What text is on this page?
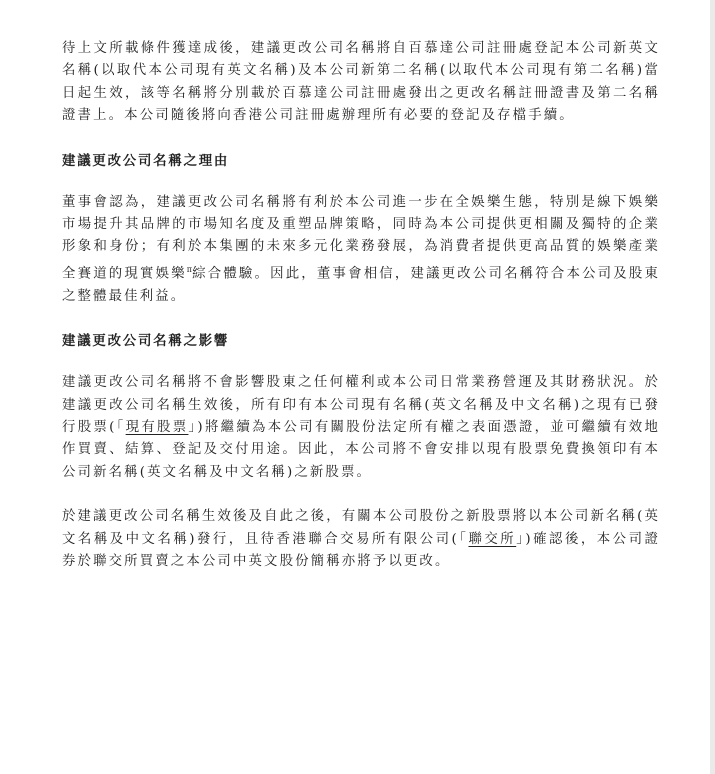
待上文所載條件獲達成後，建議更改公司名稱將自百慕達公司註冊處登記本公司新英文名稱(以取代本公司現有英文名稱)及本公司新第二名稱(以取代本公司現有第二名稱)當日起生效，該等名稱將分別載於百慕達公司註冊處發出之更改名稱註冊證書及第二名稱證書上。本公司隨後將向香港公司註冊處辦理所有必要的登記及存檔手續。

建議更改公司名稱之理由

董事會認為，建議更改公司名稱將有利於本公司進一步在全娛樂生態，特別是線下娛樂市場提升其品牌的市場知名度及重塑品牌策略，同時為本公司提供更相關及獨特的企業形象和身份；有利於本集團的未來多元化業務發展，為消費者提供更高品質的娛樂產業全賽道的現實娛樂$^\pi$綜合體驗。因此，董事會相信，建議更改公司名稱符合本公司及股東之整體最佳利益。

建議更改公司名稱之影響

建議更改公司名稱將不會影響股東之任何權利或本公司日常業務營運及其財務狀況。於建議更改公司名稱生效後，所有印有本公司現有名稱(英文名稱及中文名稱)之現有已發行股票(「現有股票」)將繼續為本公司有關股份法定所有權之表面憑證，並可繼續有效地作買賣、結算、登記及交付用途。因此，本公司將不會安排以現有股票免費換領印有本公司新名稱(英文名稱及中文名稱)之新股票。

於建議更改公司名稱生效後及自此之後，有關本公司股份之新股票將以本公司新名稱(英文名稱及中文名稱)發行，且待香港聯合交易所有限公司(「聯交所」)確認後，本公司證券於聯交所買賣之本公司中英文股份簡稱亦將予以更改。
